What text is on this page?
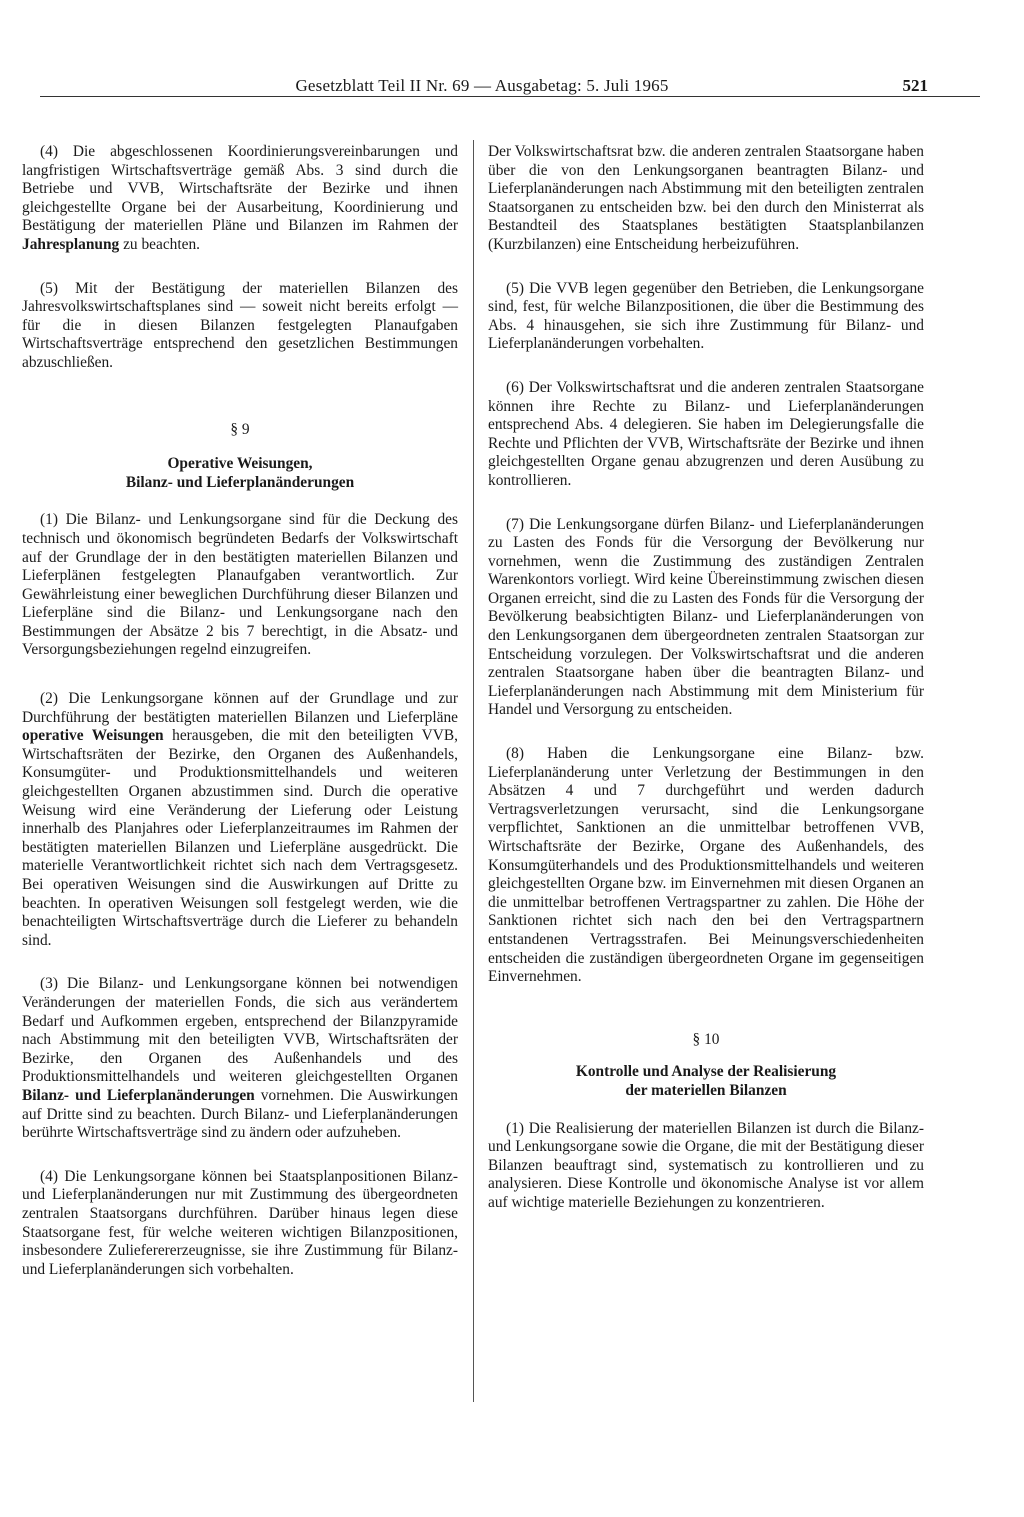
Gesetzblatt Teil II Nr. 69 — Ausgabetag: 5. Juli 1965	521

(4) Die abgeschlossenen Koordinierungsvereinbarungen und langfristigen Wirtschaftsverträge gemäß Abs. 3 sind durch die Betriebe und VVB, Wirtschaftsräte der Bezirke und ihnen gleichgestellte Organe bei der Ausarbeitung, Koordinierung und Bestätigung der materiellen Pläne und Bilanzen im Rahmen der Jahresplanung zu beachten.

(5) Mit der Bestätigung der materiellen Bilanzen des Jahresvolkswirtschaftsplanes sind — soweit nicht bereits erfolgt — für die in diesen Bilanzen festgelegten Planaufgaben Wirtschaftsverträge entsprechend den gesetzlichen Bestimmungen abzuschließen.

§ 9

Operative Weisungen,

Bilanz- und Lieferplanänderungen

(1) Die Bilanz- und Lenkungsorgane sind für die Deckung des technisch und ökonomisch begründeten Bedarfs der Volkswirtschaft auf der Grundlage der in den bestätigten materiellen Bilanzen und Lieferplänen festgelegten Planaufgaben verantwortlich. Zur Gewährleistung einer beweglichen Durchführung dieser Bilanzen und Lieferpläne sind die Bilanz- und Lenkungsorgane nach den Bestimmungen der Absätze 2 bis 7 berechtigt, in die Absatz- und Versorgungsbeziehungen regelnd einzugreifen.

(2) Die Lenkungsorgane können auf der Grundlage und zur Durchführung der bestätigten materiellen Bilanzen und Lieferpläne operative Weisungen herausgeben, die mit den beteiligten VVB, Wirtschaftsräten der Bezirke, den Organen des Außenhandels, Konsumgüter- und Produktionsmittelhandels und weiteren gleichgestellten Organen abzustimmen sind. Durch die operative Weisung wird eine Veränderung der Lieferung oder Leistung innerhalb des Planjahres oder Lieferplanzeitraumes im Rahmen der bestätigten materiellen Bilanzen und Lieferpläne ausgedrückt. Die materielle Verantwortlichkeit richtet sich nach dem Vertragsgesetz. Bei operativen Weisungen sind die Auswirkungen auf Dritte zu beachten. In operativen Weisungen soll festgelegt werden, wie die benachteiligten Wirtschaftsverträge durch die Lieferer zu behandeln sind.

(3) Die Bilanz- und Lenkungsorgane können bei notwendigen Veränderungen der materiellen Fonds, die sich aus verändertem Bedarf und Aufkommen ergeben, entsprechend der Bilanzpyramide nach Abstimmung mit den beteiligten VVB, Wirtschaftsräten der Bezirke, den Organen des Außenhandels und des Produktionsmittelhandels und weiteren gleichgestellten Organen Bilanz- und Lieferplanänderungen vornehmen. Die Auswirkungen auf Dritte sind zu beachten. Durch Bilanz- und Lieferplanänderungen berührte Wirtschaftsverträge sind zu ändern oder aufzuheben.

(4) Die Lenkungsorgane können bei Staatsplanpositionen Bilanz- und Lieferplanänderungen nur mit Zustimmung des übergeordneten zentralen Staatsorgans durchführen. Darüber hinaus legen diese Staatsorgane fest, für welche weiteren wichtigen Bilanzpositionen, insbesondere Zulieferererzeugnisse, sie ihre Zustimmung für Bilanz- und Lieferplanänderungen sich vorbehalten.

Der Volkswirtschaftsrat bzw. die anderen zentralen Staatsorgane haben über die von den Lenkungsorganen beantragten Bilanz- und Lieferplanänderungen nach Abstimmung mit den beteiligten zentralen Staatsorganen zu entscheiden bzw. bei den durch den Ministerrat als Bestandteil des Staatsplanes bestätigten Staatsplanbilanzen (Kurzbilanzen) eine Entscheidung herbeizuführen.

(5) Die VVB legen gegenüber den Betrieben, die Lenkungsorgane sind, fest, für welche Bilanzpositionen, die über die Bestimmung des Abs. 4 hinausgehen, sie sich ihre Zustimmung für Bilanz- und Lieferplanänderungen vorbehalten.

(6) Der Volkswirtschaftsrat und die anderen zentralen Staatsorgane können ihre Rechte zu Bilanz- und Lieferplanänderungen entsprechend Abs. 4 delegieren. Sie haben im Delegierungsfalle die Rechte und Pflichten der VVB, Wirtschaftsräte der Bezirke und ihnen gleichgestellten Organe genau abzugrenzen und deren Ausübung zu kontrollieren.

(7) Die Lenkungsorgane dürfen Bilanz- und Lieferplanänderungen zu Lasten des Fonds für die Versorgung der Bevölkerung nur vornehmen, wenn die Zustimmung des zuständigen Zentralen Warenkontors vorliegt. Wird keine Übereinstimmung zwischen diesen Organen erreicht, sind die zu Lasten des Fonds für die Versorgung der Bevölkerung beabsichtigten Bilanz- und Lieferplanänderungen von den Lenkungsorganen dem übergeordneten zentralen Staatsorgan zur Entscheidung vorzulegen. Der Volkswirtschaftsrat und die anderen zentralen Staatsorgane haben über die beantragten Bilanz- und Lieferplanänderungen nach Abstimmung mit dem Ministerium für Handel und Versorgung zu entscheiden.

(8) Haben die Lenkungsorgane eine Bilanz- bzw. Lieferplanänderung unter Verletzung der Bestimmungen in den Absätzen 4 und 7 durchgeführt und werden dadurch Vertragsverletzungen verursacht, sind die Lenkungsorgane verpflichtet, Sanktionen an die unmittelbar betroffenen VVB, Wirtschaftsräte der Bezirke, Organe des Außenhandels, des Konsumgüterhandels und des Produktionsmittelhandels und weiteren gleichgestellten Organe bzw. im Einvernehmen mit diesen Organen an die unmittelbar betroffenen Vertragspartner zu zahlen. Die Höhe der Sanktionen richtet sich nach den bei den Vertragspartnern entstandenen Vertragsstrafen. Bei Meinungsverschiedenheiten entscheiden die zuständigen übergeordneten Organe im gegenseitigen Einvernehmen.

§ 10

Kontrolle und Analyse der Realisierung

der materiellen Bilanzen

(1) Die Realisierung der materiellen Bilanzen ist durch die Bilanz- und Lenkungsorgane sowie die Organe, die mit der Bestätigung dieser Bilanzen beauftragt sind, systematisch zu kontrollieren und zu analysieren. Diese Kontrolle und ökonomische Analyse ist vor allem auf wichtige materielle Beziehungen zu konzentrieren.
